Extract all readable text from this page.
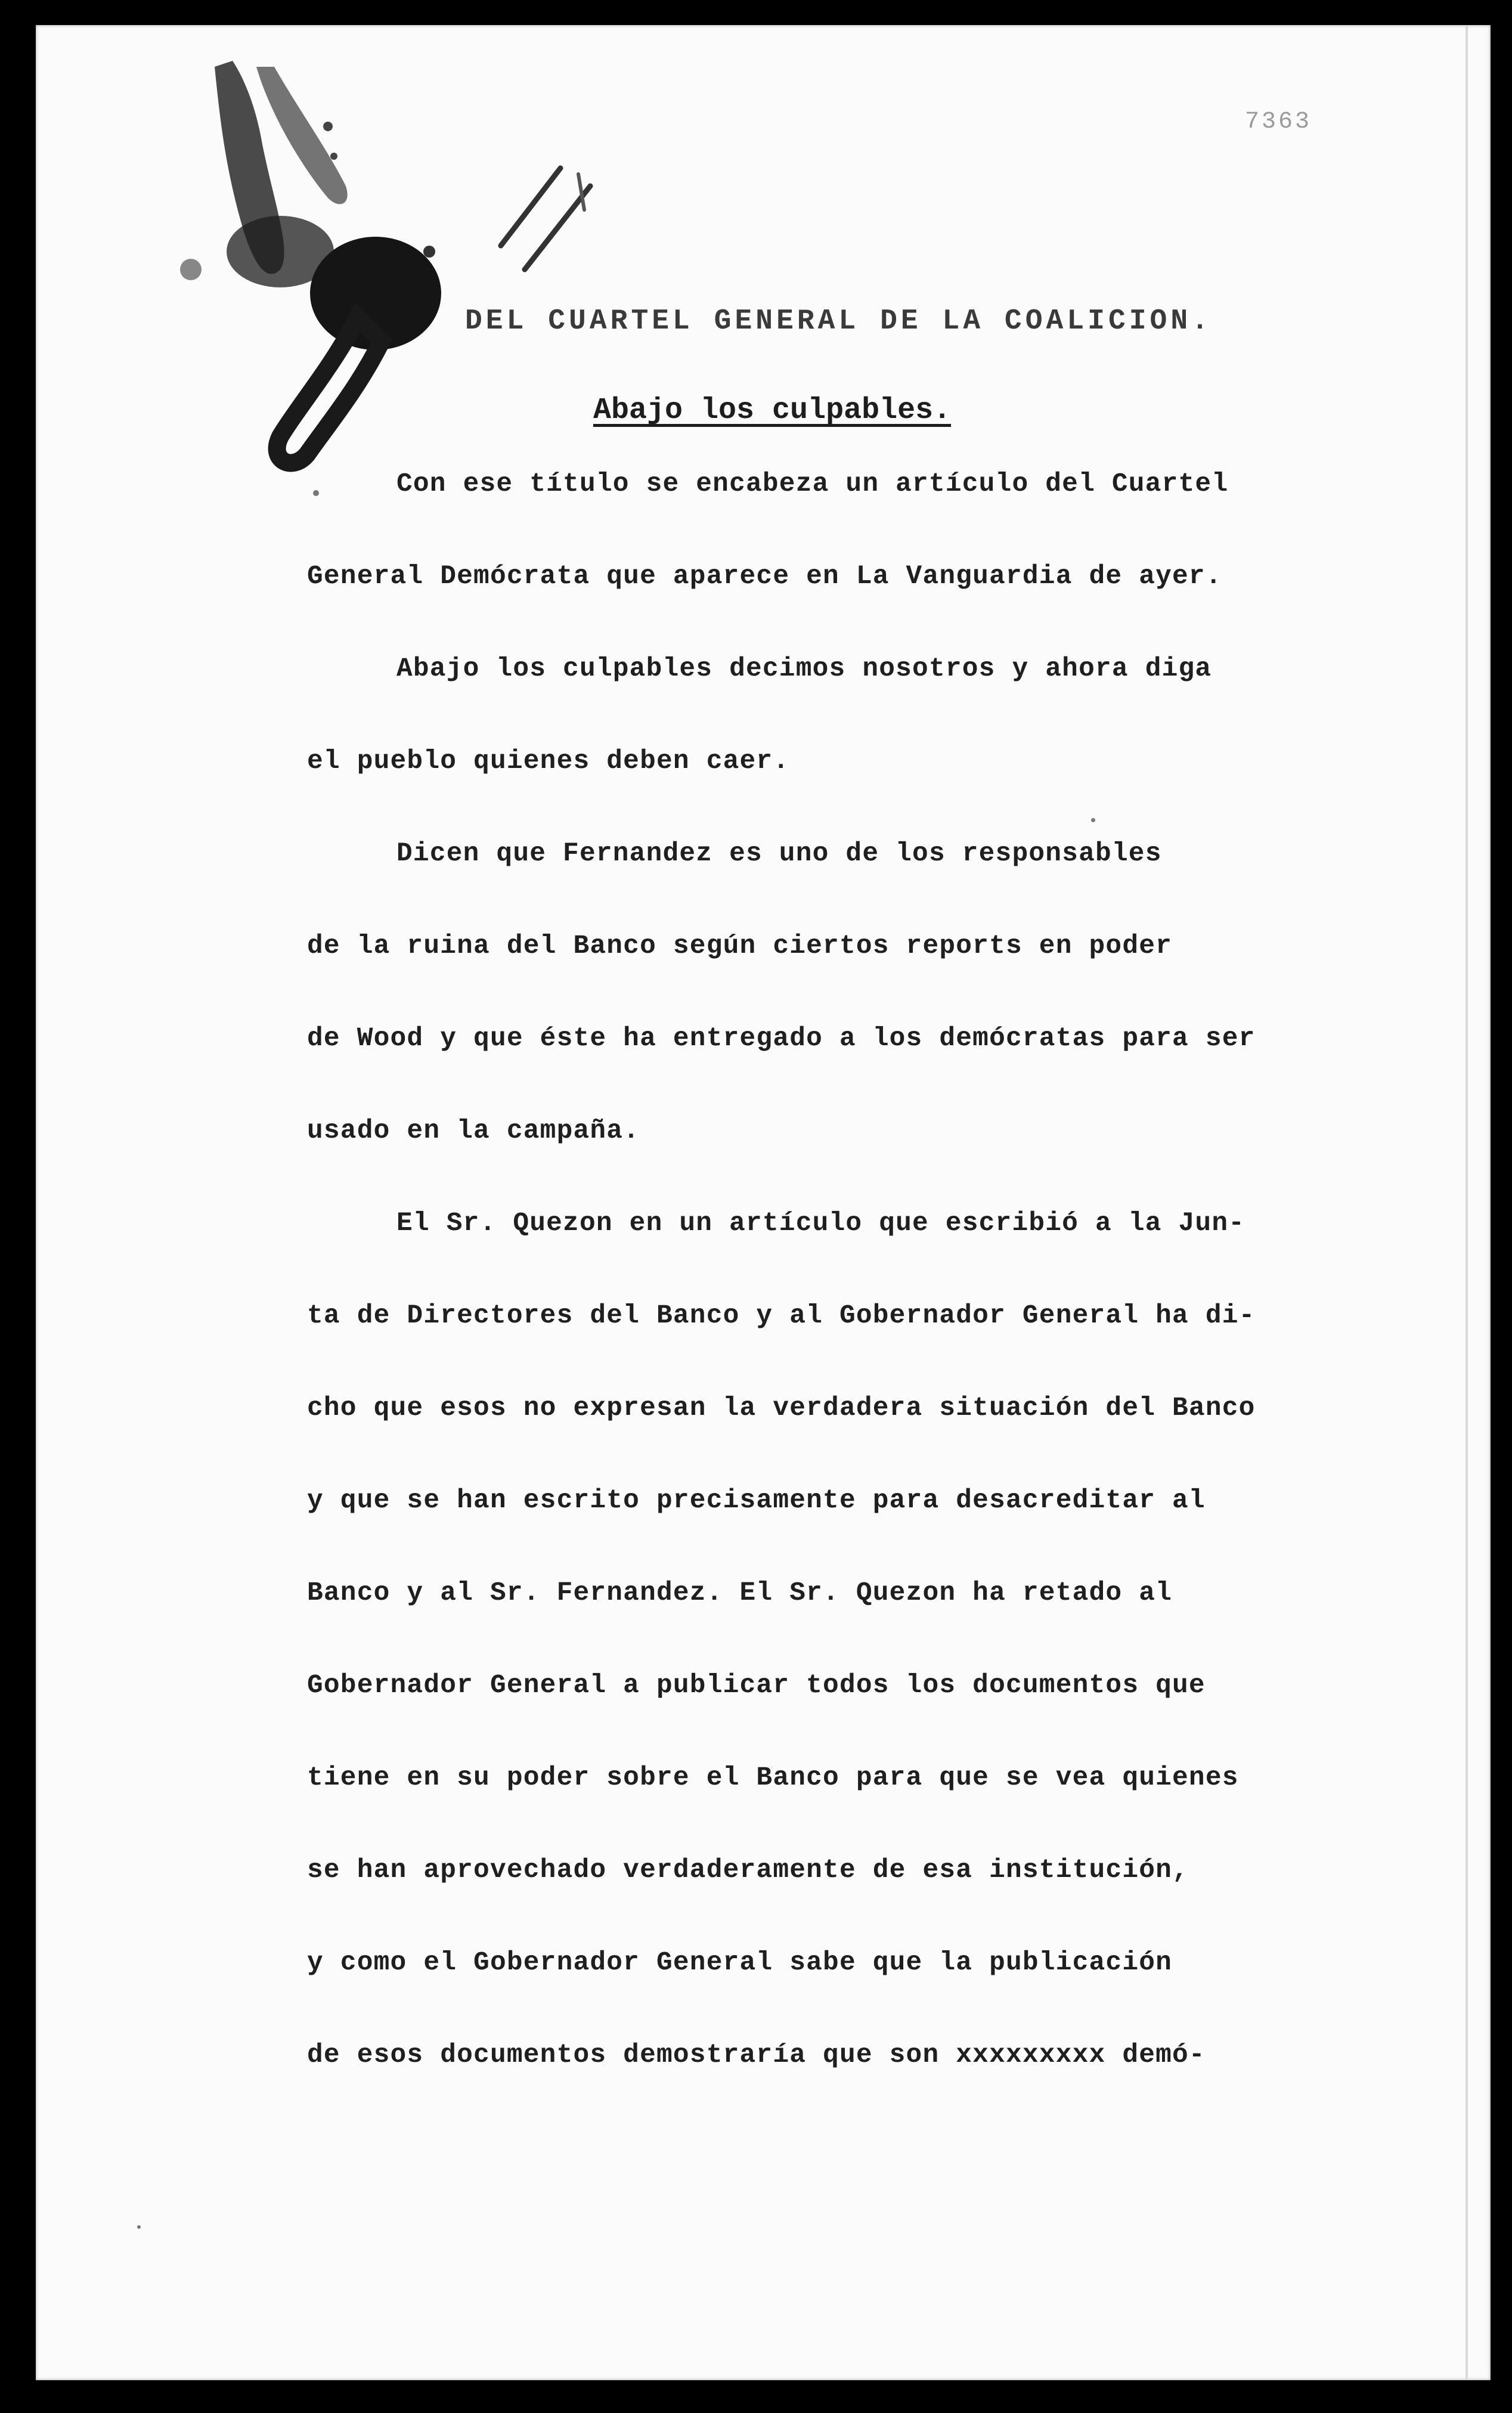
7363
DEL CUARTEL GENERAL DE LA COALICION.
Abajo los culpables.
Con ese título se encabeza un artículo del Cuartel
General Demócrata que aparece en La Vanguardia de ayer.
Abajo los culpables decimos nosotros y ahora diga
el pueblo quienes deben caer.
Dicen que Fernandez es uno de los responsables
de la ruina del Banco según ciertos reports en poder
de Wood y que éste ha entregado a los demócratas para ser
usado en la campaña.
El Sr. Quezon en un artículo que escribió a la Jun-
ta de Directores del Banco y al Gobernador General ha di-
cho que esos no expresan la verdadera situación del Banco
y que se han escrito precisamente para desacreditar al
Banco y al Sr. Fernandez. El Sr. Quezon ha retado al
Gobernador General a publicar todos los documentos que
tiene en su poder sobre el Banco para que se vea quienes
se han aprovechado verdaderamente de esa institución,
y como el Gobernador General sabe que la publicación
de esos documentos demostraría que son xxxxxxxxx demó-
